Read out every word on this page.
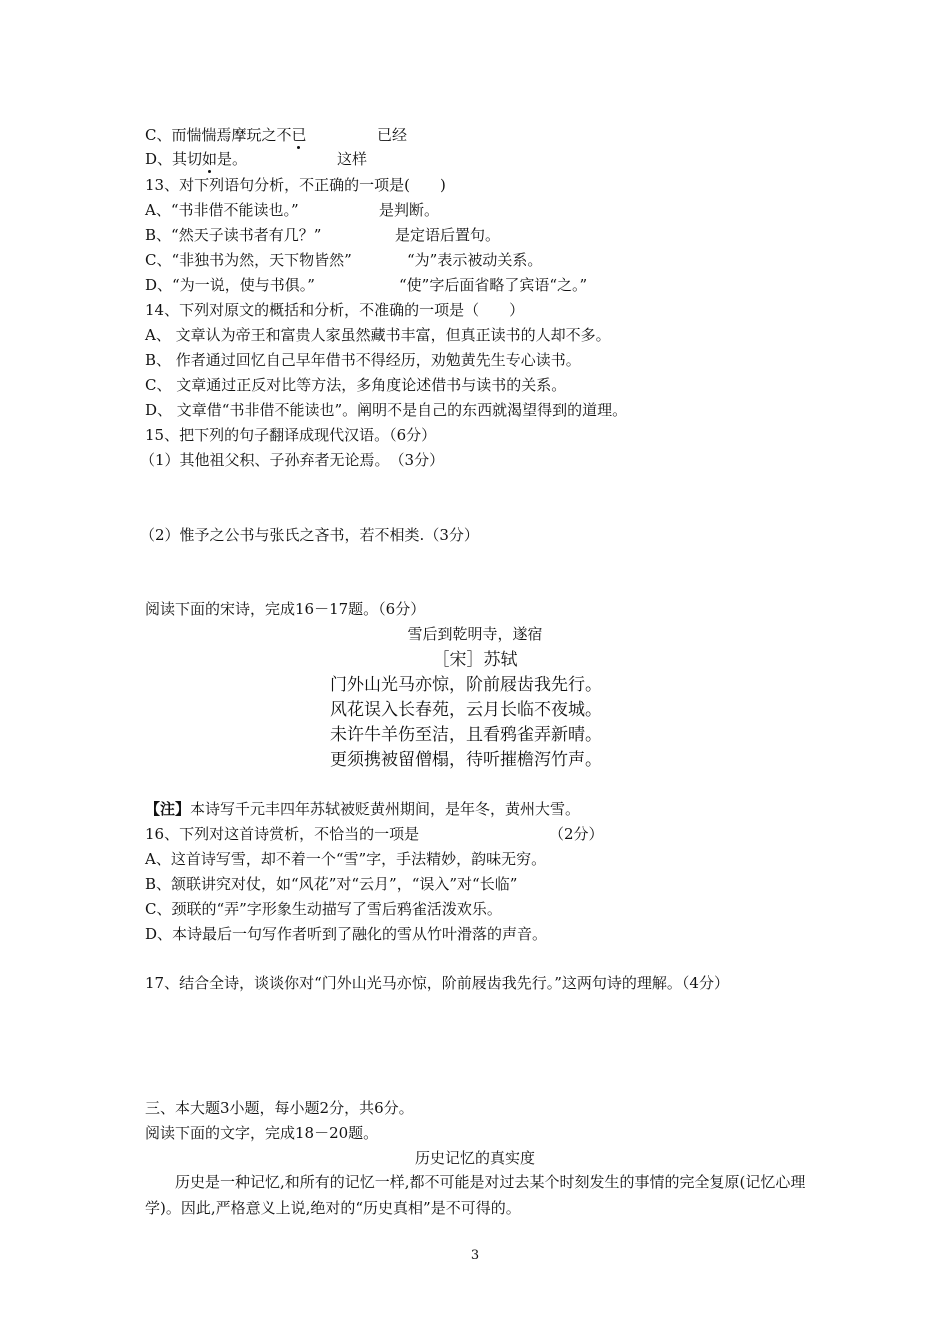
C、而惴惴焉摩玩之不已	已经
D、其切如是。	这样
13、对下列语句分析，不正确的一项是(　　)
A、“书非借不能读也。”	是判断。
B、“然天子读书者有几？”	是定语后置句。
C、“非独书为然，天下物皆然”	“为”表示被动关系。
D、“为一说，使与书俱。”	“使”字后面省略了宾语“之。”
14、下列对原文的概括和分析，不准确的一项是（　　）
A、 文章认为帝王和富贵人家虽然藏书丰富，但真正读书的人却不多。
B、 作者通过回忆自己早年借书不得经历，劝勉黄先生专心读书。
C、 文章通过正反对比等方法，多角度论述借书与读书的关系。
D、 文章借“书非借不能读也”。阐明不是自己的东西就渴望得到的道理。
15、把下列的句子翻译成现代汉语。（6分）
（1）其他祖父积、子孙弃者无论焉。　（3分）
（2）惟予之公书与张氏之吝书，若不相类.（3分）
阅读下面的宋诗，完成16－17题。（6分）
雪后到乾明寺，遂宿
［宋］苏轼
门外山光马亦惊，阶前屐齿我先行。
风花误入长春苑，云月长临不夜城。
未许牛羊伤至洁，且看鸦雀弄新晴。
更须携被留僧榻，待听摧檐泻竹声。
【注】本诗写千元丰四年苏轼被贬黄州期间，是年冬，黄州大雪。
16、下列对这首诗赏析，不恰当的一项是	（2分）
A、这首诗写雪，却不着一个“雪”字，手法精妙，韵味无穷。
B、颔联讲究对仗，如“风花”对“云月”，“误入”对“长临”
C、颈联的“弄”字形象生动描写了雪后鸦雀活泼欢乐。
D、本诗最后一句写作者听到了融化的雪从竹叶滑落的声音。
17、结合全诗，谈谈你对“门外山光马亦惊，阶前屐齿我先行。”这两句诗的理解。（4分）
三、本大题3小题，每小题2分，共6分。
阅读下面的文字，完成18－20题。
历史记忆的真实度
历史是一种记忆,和所有的记忆一样,都不可能是对过去某个时刻发生的事情的完全复原(记忆心理学)。因此,严格意义上说,绝对的“历史真相”是不可得的。
3
